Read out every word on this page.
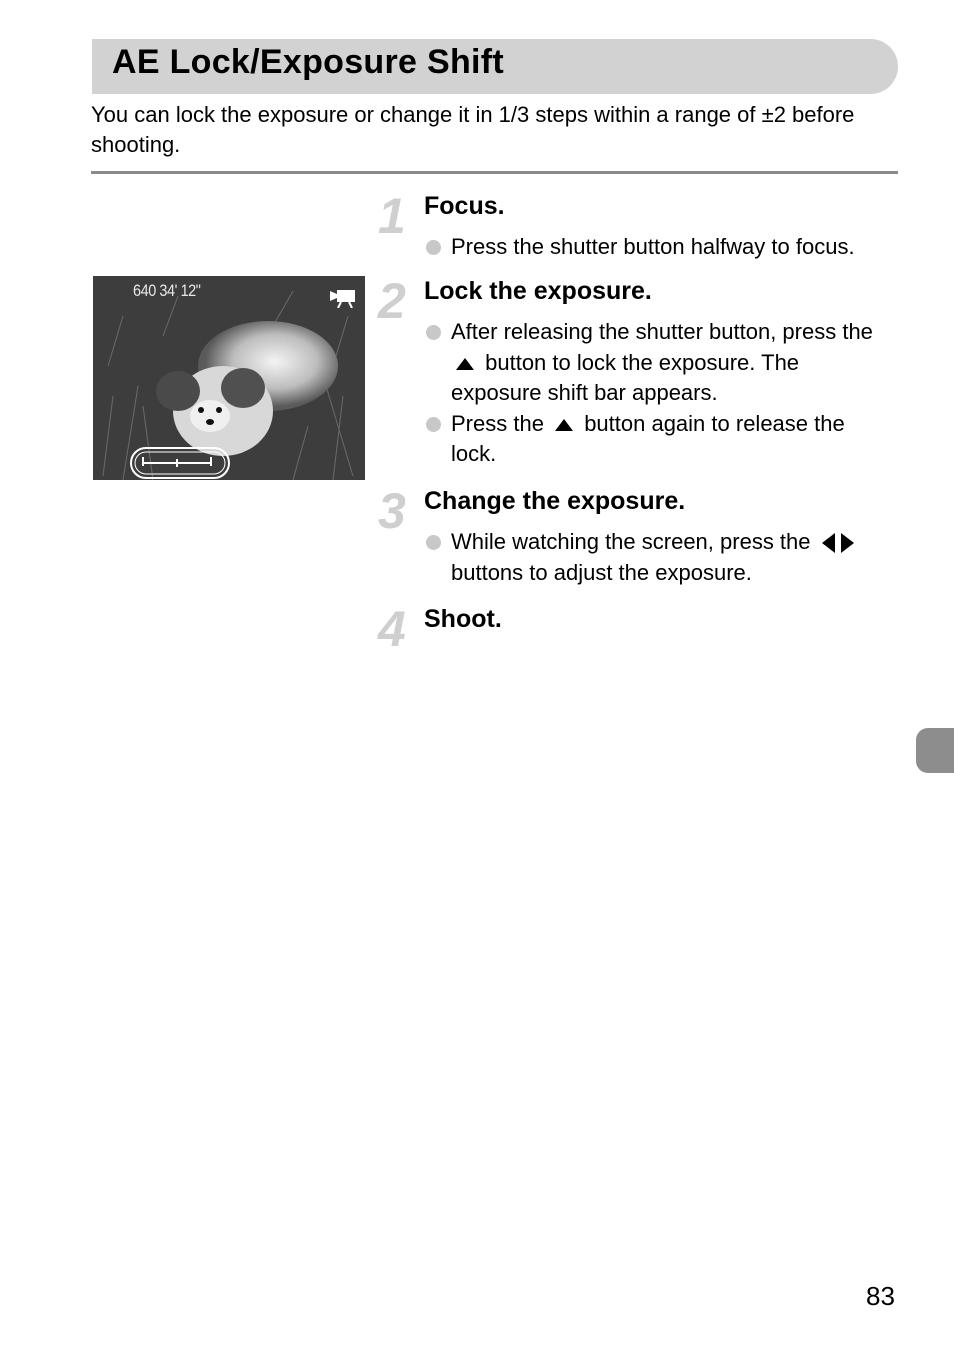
AE Lock/Exposure Shift
You can lock the exposure or change it in 1/3 steps within a range of ±2 before shooting.
640 34' 12"
1 Focus.
Press the shutter button halfway to focus.
2 Lock the exposure.
After releasing the shutter button, press the  button to lock the exposure. The exposure shift bar appears.
Press the button again to release the lock.
3 Change the exposure.
While watching the screen, press the  buttons to adjust the exposure.
4 Shoot.
83
